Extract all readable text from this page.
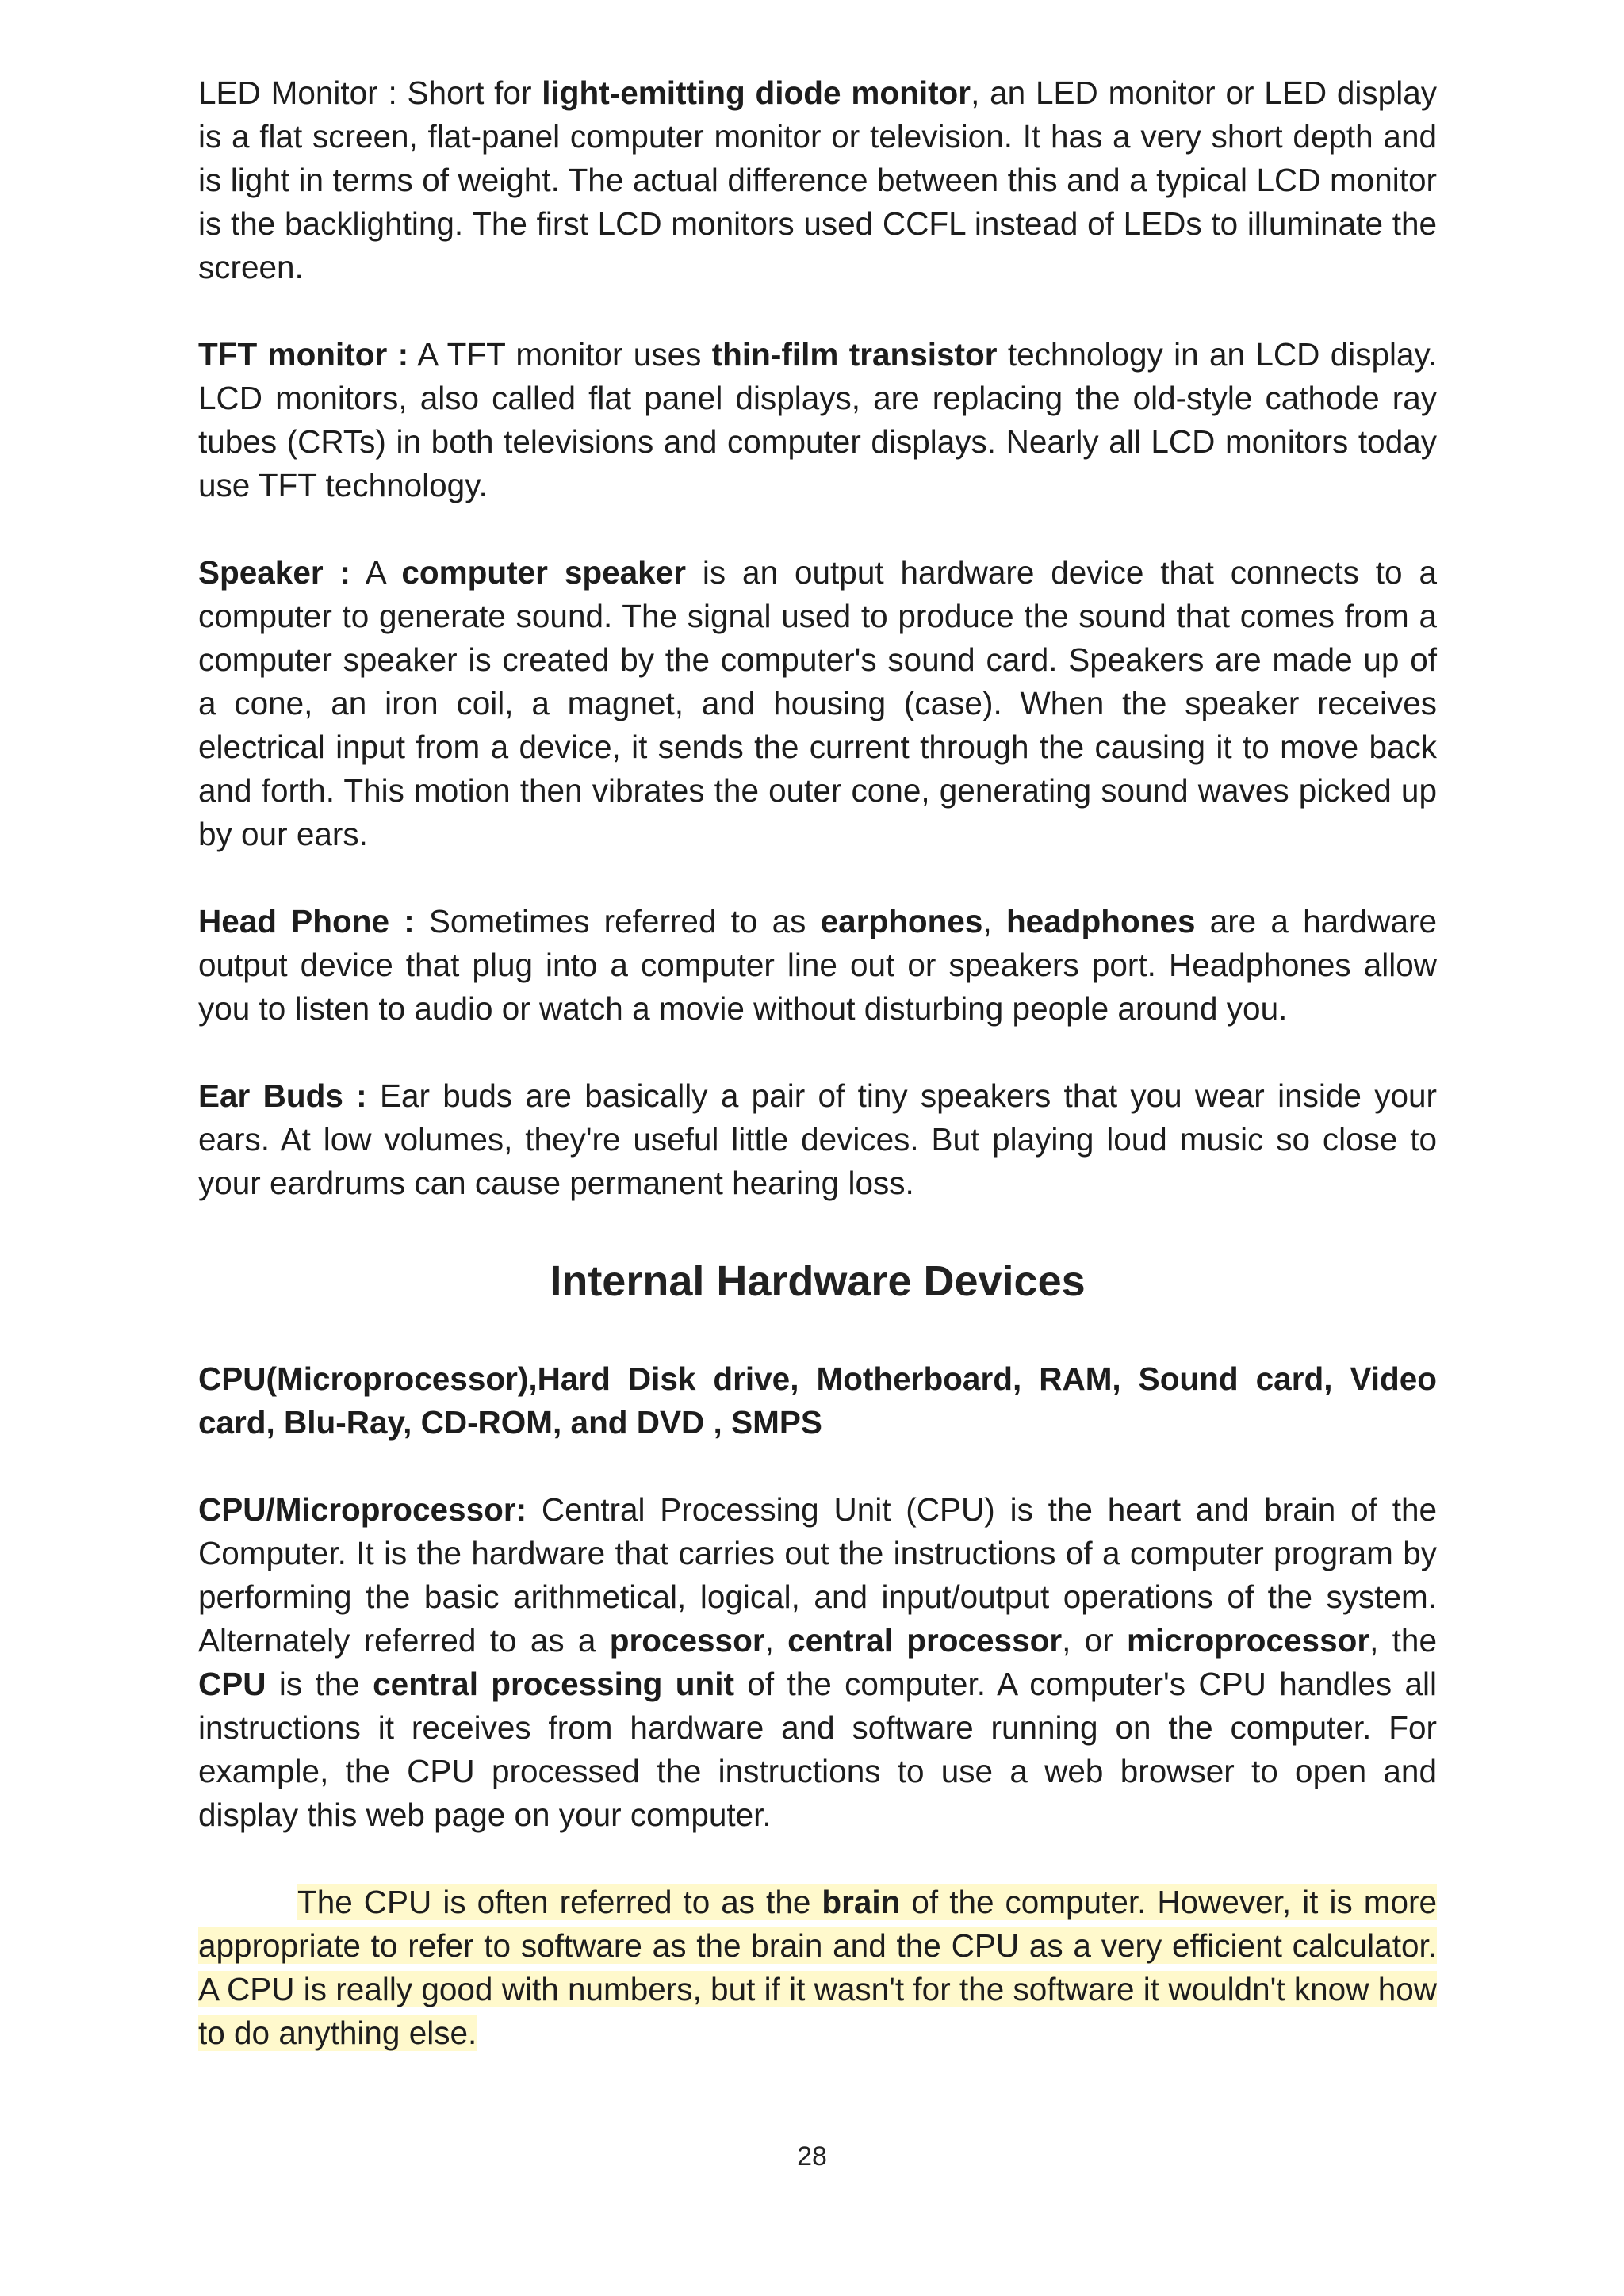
LED Monitor : Short for light-emitting diode monitor, an LED monitor or LED display is a flat screen, flat-panel computer monitor or television. It has a very short depth and is light in terms of weight. The actual difference between this and a typical LCD monitor is the backlighting. The first LCD monitors used CCFL instead of LEDs to illuminate the screen.

TFT monitor : A TFT monitor uses thin-film transistor technology in an LCD display. LCD monitors, also called flat panel displays, are replacing the old-style cathode ray tubes (CRTs) in both televisions and computer displays. Nearly all LCD monitors today use TFT technology.

Speaker : A computer speaker is an output hardware device that connects to a computer to generate sound. The signal used to produce the sound that comes from a computer speaker is created by the computer's sound card. Speakers are made up of a cone, an iron coil, a magnet, and housing (case). When the speaker receives electrical input from a device, it sends the current through the causing it to move back and forth. This motion then vibrates the outer cone, generating sound waves picked up by our ears.

Head Phone : Sometimes referred to as earphones, headphones are a hardware output device that plug into a computer line out or speakers port. Headphones allow you to listen to audio or watch a movie without disturbing people around you.

Ear Buds : Ear buds are basically a pair of tiny speakers that you wear inside your ears. At low volumes, they're useful little devices. But playing loud music so close to your eardrums can cause permanent hearing loss.

Internal Hardware Devices

CPU(Microprocessor),Hard Disk drive, Motherboard, RAM, Sound card, Video card, Blu-Ray, CD-ROM, and DVD , SMPS

CPU/Microprocessor: Central Processing Unit (CPU) is the heart and brain of the Computer. It is the hardware that carries out the instructions of a computer program by performing the basic arithmetical, logical, and input/output operations of the system. Alternately referred to as a processor, central processor, or microprocessor, the CPU is the central processing unit of the computer. A computer's CPU handles all instructions it receives from hardware and software running on the computer. For example, the CPU processed the instructions to use a web browser to open and display this web page on your computer.

The CPU is often referred to as the brain of the computer. However, it is more appropriate to refer to software as the brain and the CPU as a very efficient calculator. A CPU is really good with numbers, but if it wasn't for the software it wouldn't know how to do anything else.

28
